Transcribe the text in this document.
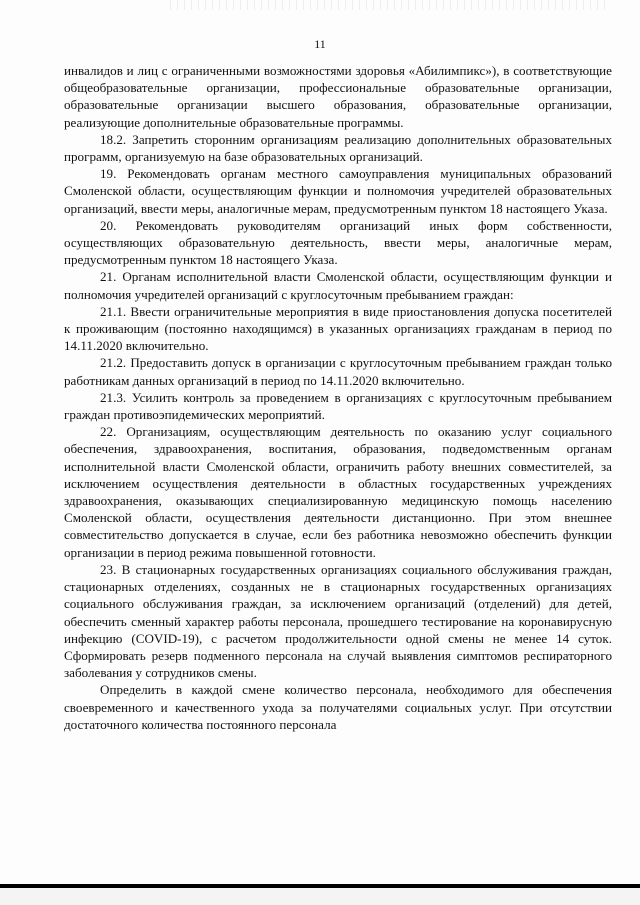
11

инвалидов и лиц с ограниченными возможностями здоровья «Абилимпикс»), в соответствующие общеобразовательные организации, профессиональные образовательные организации, образовательные организации высшего образования, образовательные организации, реализующие дополнительные образовательные программы.

18.2. Запретить сторонним организациям реализацию дополнительных образовательных программ, организуемую на базе образовательных организаций.

19. Рекомендовать органам местного самоуправления муниципальных образований Смоленской области, осуществляющим функции и полномочия учредителей образовательных организаций, ввести меры, аналогичные мерам, предусмотренным пунктом 18 настоящего Указа.

20. Рекомендовать руководителям организаций иных форм собственности, осуществляющих образовательную деятельность, ввести меры, аналогичные мерам, предусмотренным пунктом 18 настоящего Указа.

21. Органам исполнительной власти Смоленской области, осуществляющим функции и полномочия учредителей организаций с круглосуточным пребыванием граждан:

21.1. Ввести ограничительные мероприятия в виде приостановления допуска посетителей к проживающим (постоянно находящимся) в указанных организациях гражданам в период по 14.11.2020 включительно.

21.2. Предоставить допуск в организации с круглосуточным пребыванием граждан только работникам данных организаций в период по 14.11.2020 включительно.

21.3. Усилить контроль за проведением в организациях с круглосуточным пребыванием граждан противоэпидемических мероприятий.

22. Организациям, осуществляющим деятельность по оказанию услуг социального обеспечения, здравоохранения, воспитания, образования, подведомственным органам исполнительной власти Смоленской области, ограничить работу внешних совместителей, за исключением осуществления деятельности в областных государственных учреждениях здравоохранения, оказывающих специализированную медицинскую помощь населению Смоленской области, осуществления деятельности дистанционно. При этом внешнее совместительство допускается в случае, если без работника невозможно обеспечить функции организации в период режима повышенной готовности.

23. В стационарных государственных организациях социального обслуживания граждан, стационарных отделениях, созданных не в стационарных государственных организациях социального обслуживания граждан, за исключением организаций (отделений) для детей, обеспечить сменный характер работы персонала, прошедшего тестирование на коронавирусную инфекцию (COVID-19), с расчетом продолжительности одной смены не менее 14 суток. Сформировать резерв подменного персонала на случай выявления симптомов респираторного заболевания у сотрудников смены.

Определить в каждой смене количество персонала, необходимого для обеспечения своевременного и качественного ухода за получателями социальных услуг. При отсутствии достаточного количества постоянного персонала
